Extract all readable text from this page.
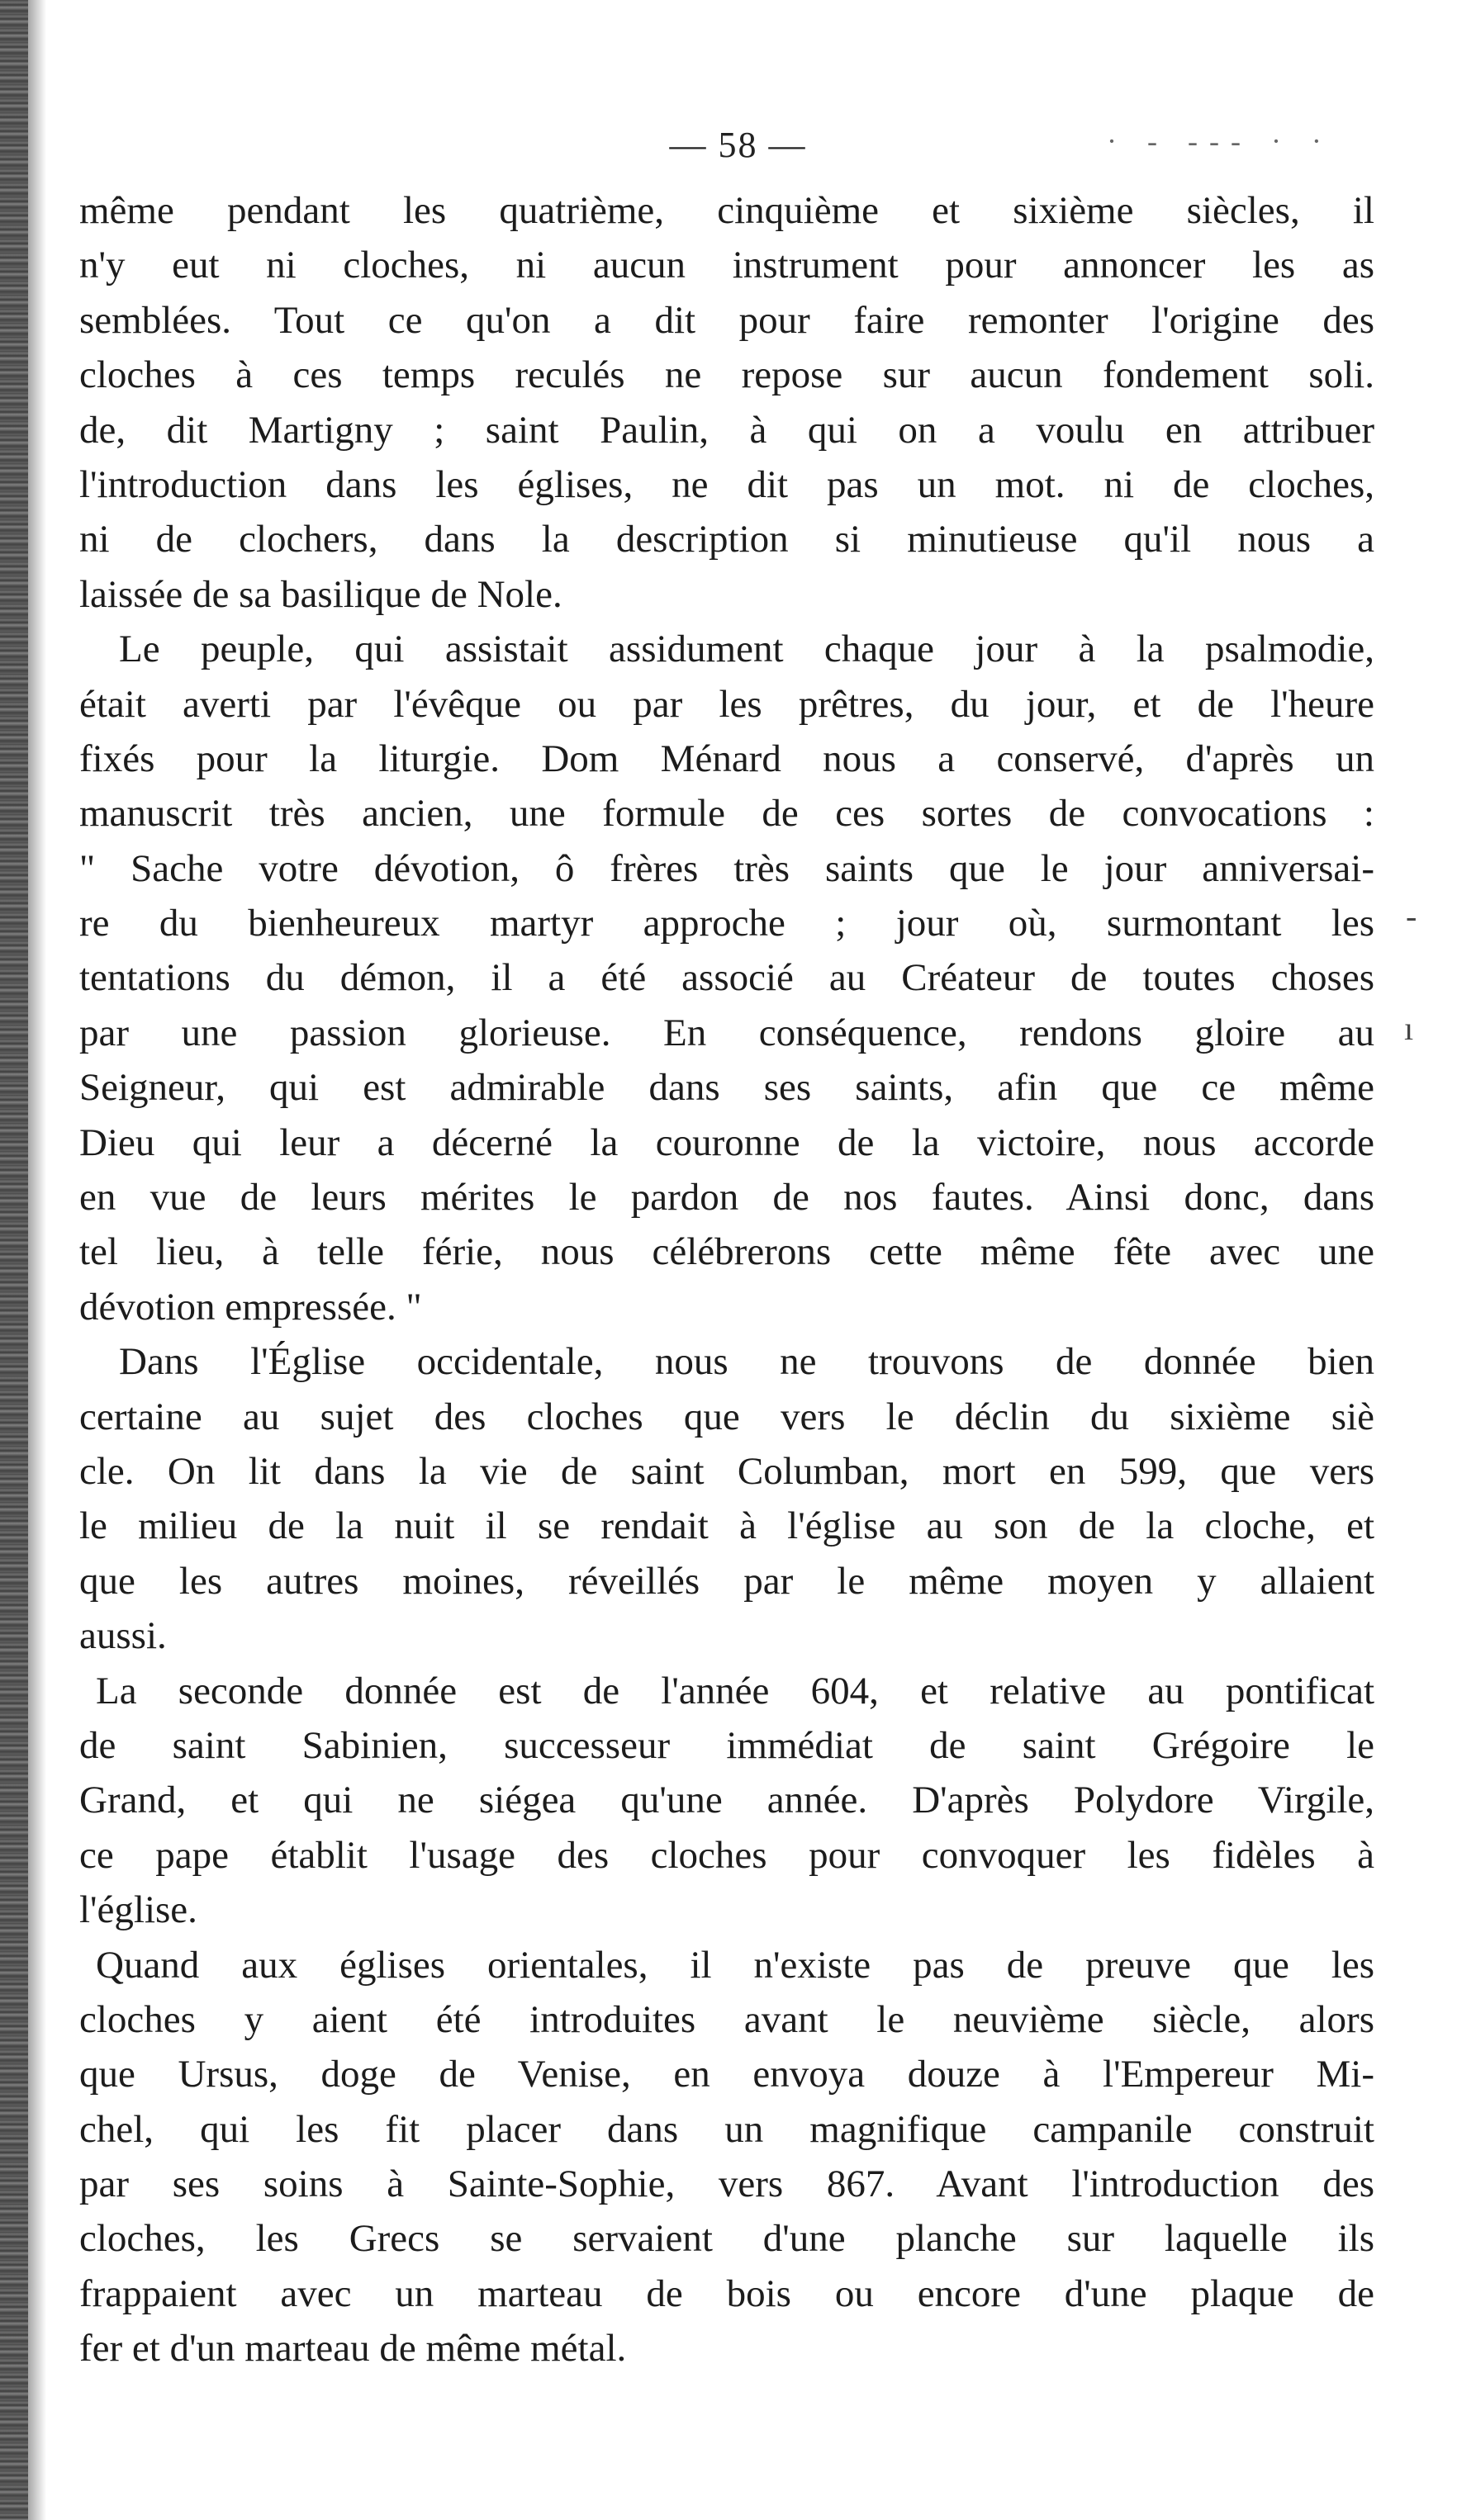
— 58 —	· - --- · ·
même pendant les quatrième, cinquième et sixième siècles, il
n'y eut ni cloches, ni aucun instrument pour annoncer les as
semblées. Tout ce qu'on a dit pour faire remonter l'origine des
cloches à ces temps reculés ne repose sur aucun fondement soli.
de, dit Martigny ; saint Paulin, à qui on a voulu en attribuer
l'introduction dans les églises, ne dit pas un mot. ni de cloches,
ni de clochers, dans la description si minutieuse qu'il nous a
laissée de sa basilique de Nole.
Le peuple, qui assistait assidument chaque jour à la psalmodie,
était averti par l'évêque ou par les prêtres, du jour, et de l'heure
fixés pour la liturgie. Dom Ménard nous a conservé, d'après un
manuscrit très ancien, une formule de ces sortes de convocations :
" Sache votre dévotion, ô frères très saints que le jour anniversai-
re du bienheureux martyr approche ; jour où, surmontant les
tentations du démon, il a été associé au Créateur de toutes choses
par une passion glorieuse. En conséquence, rendons gloire au
Seigneur, qui est admirable dans ses saints, afin que ce même
Dieu qui leur a décerné la couronne de la victoire, nous accorde
en vue de leurs mérites le pardon de nos fautes. Ainsi donc, dans
tel lieu, à telle férie, nous célébrerons cette même fête avec une
dévotion empressée. "
Dans l'Église occidentale, nous ne trouvons de donnée bien
certaine au sujet des cloches que vers le déclin du sixième siè
cle. On lit dans la vie de saint Columban, mort en 599, que vers
le milieu de la nuit il se rendait à l'église au son de la cloche, et
que les autres moines, réveillés par le même moyen y allaient
aussi.
La seconde donnée est de l'année 604, et relative au pontificat
de saint Sabinien, successeur immédiat de saint Grégoire le
Grand, et qui ne siégea qu'une année. D'après Polydore Virgile,
ce pape établit l'usage des cloches pour convoquer les fidèles à
l'église.
Quand aux églises orientales, il n'existe pas de preuve que les
cloches y aient été introduites avant le neuvième siècle, alors
que Ursus, doge de Venise, en envoya douze à l'Empereur Mi-
chel, qui les fit placer dans un magnifique campanile construit
par ses soins à Sainte-Sophie, vers 867. Avant l'introduction des
cloches, les Grecs se servaient d'une planche sur laquelle ils
frappaient avec un marteau de bois ou encore d'une plaque de
fer et d'un marteau de même métal.
-
ı
